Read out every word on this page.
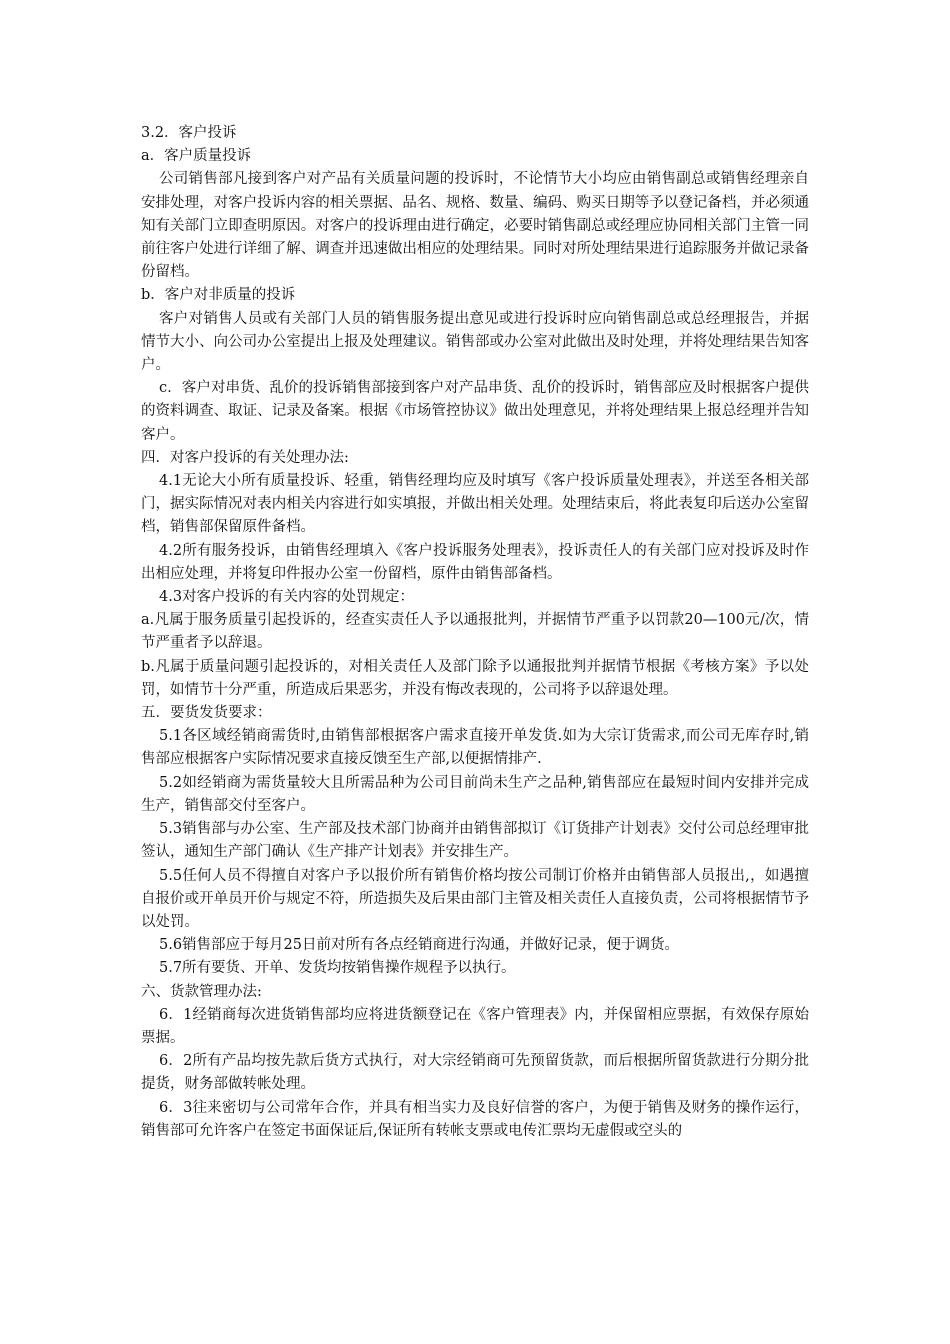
3.2．客户投诉

a．客户质量投诉

公司销售部凡接到客户对产品有关质量问题的投诉时，不论情节大小均应由销售副总或销售经理亲自安排处理，对客户投诉内容的相关票据、品名、规格、数量、编码、购买日期等予以登记备档，并必须通知有关部门立即查明原因。对客户的投诉理由进行确定，必要时销售副总或经理应协同相关部门主管一同前往客户处进行详细了解、调查并迅速做出相应的处理结果。同时对所处理结果进行追踪服务并做记录备份留档。

b．客户对非质量的投诉

客户对销售人员或有关部门人员的销售服务提出意见或进行投诉时应向销售副总或总经理报告，并据情节大小、向公司办公室提出上报及处理建议。销售部或办公室对此做出及时处理，并将处理结果告知客户。

c．客户对串货、乱价的投诉销售部接到客户对产品串货、乱价的投诉时，销售部应及时根据客户提供的资料调查、取证、记录及备案。根据《市场管控协议》做出处理意见，并将处理结果上报总经理并告知客户。

四．对客户投诉的有关处理办法:

4.1无论大小所有质量投诉、轻重，销售经理均应及时填写《客户投诉质量处理表》，并送至各相关部门，据实际情况对表内相关内容进行如实填报，并做出相关处理。处理结束后，将此表复印后送办公室留档，销售部保留原件备档。

4.2所有服务投诉，由销售经理填入《客户投诉服务处理表》，投诉责任人的有关部门应对投诉及时作出相应处理，并将复印件报办公室一份留档，原件由销售部备档。

4.3对客户投诉的有关内容的处罚规定：

a.凡属于服务质量引起投诉的，经查实责任人予以通报批判，并据情节严重予以罚款20—100元/次，情节严重者予以辞退。

b.凡属于质量问题引起投诉的，对相关责任人及部门除予以通报批判并据情节根据《考核方案》予以处罚，如情节十分严重，所造成后果恶劣，并没有悔改表现的，公司将予以辞退处理。

五．要货发货要求：

5.1各区域经销商需货时,由销售部根据客户需求直接开单发货.如为大宗订货需求,而公司无库存时,销售部应根据客户实际情况要求直接反馈至生产部,以便据情排产.

5.2如经销商为需货量较大且所需品种为公司目前尚未生产之品种,销售部应在最短时间内安排并完成生产，销售部交付至客户。

5.3销售部与办公室、生产部及技术部门协商并由销售部拟订《订货排产计划表》交付公司总经理审批签认，通知生产部门确认《生产排产计划表》并安排生产。

5.5任何人员不得擅自对客户予以报价所有销售价格均按公司制订价格并由销售部人员报出,，如遇擅自报价或开单员开价与规定不符，所造损失及后果由部门主管及相关责任人直接负责，公司将根据情节予以处罚。

5.6销售部应于每月25日前对所有各点经销商进行沟通，并做好记录，便于调货。

5.7所有要货、开单、发货均按销售操作规程予以执行。

六、货款管理办法:

6．1经销商每次进货销售部均应将进货额登记在《客户管理表》内，并保留相应票据，有效保存原始票据。

6．2所有产品均按先款后货方式执行，对大宗经销商可先预留货款，而后根据所留货款进行分期分批提货，财务部做转帐处理。

6．3往来密切与公司常年合作，并具有相当实力及良好信誉的客户，为便于销售及财务的操作运行，销售部可允许客户在签定书面保证后,保证所有转帐支票或电传汇票均无虚假或空头的
